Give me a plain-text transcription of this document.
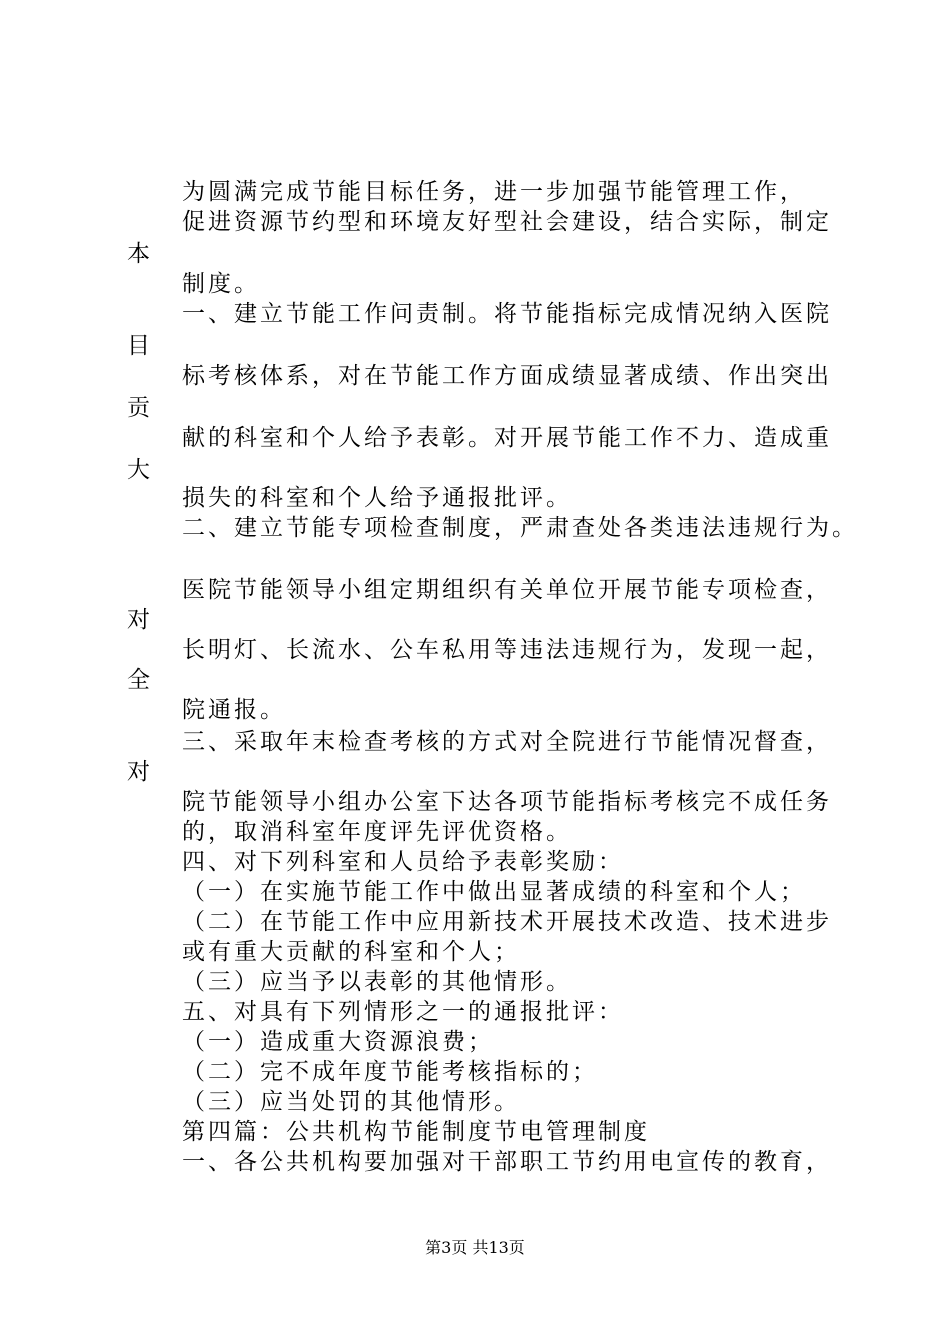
为圆满完成节能目标任务，进一步加强节能管理工作，
促进资源节约型和环境友好型社会建设，结合实际，制定
本
制度。
一、建立节能工作问责制。将节能指标完成情况纳入医院
目
标考核体系，对在节能工作方面成绩显著成绩、作出突出
贡
献的科室和个人给予表彰。对开展节能工作不力、造成重
大
损失的科室和个人给予通报批评。
二、建立节能专项检查制度，严肃查处各类违法违规行为。
医院节能领导小组定期组织有关单位开展节能专项检查，
对
长明灯、长流水、公车私用等违法违规行为，发现一起，
全
院通报。
三、采取年末检查考核的方式对全院进行节能情况督查，
对
院节能领导小组办公室下达各项节能指标考核完不成任务
的，取消科室年度评先评优资格。
四、对下列科室和人员给予表彰奖励：
（一）在实施节能工作中做出显著成绩的科室和个人；
（二）在节能工作中应用新技术开展技术改造、技术进步
或有重大贡献的科室和个人；
（三）应当予以表彰的其他情形。
五、对具有下列情形之一的通报批评：
（一）造成重大资源浪费；
（二）完不成年度节能考核指标的；
（三）应当处罚的其他情形。
第四篇：公共机构节能制度节电管理制度
一、各公共机构要加强对干部职工节约用电宣传的教育，
第3页 共13页
